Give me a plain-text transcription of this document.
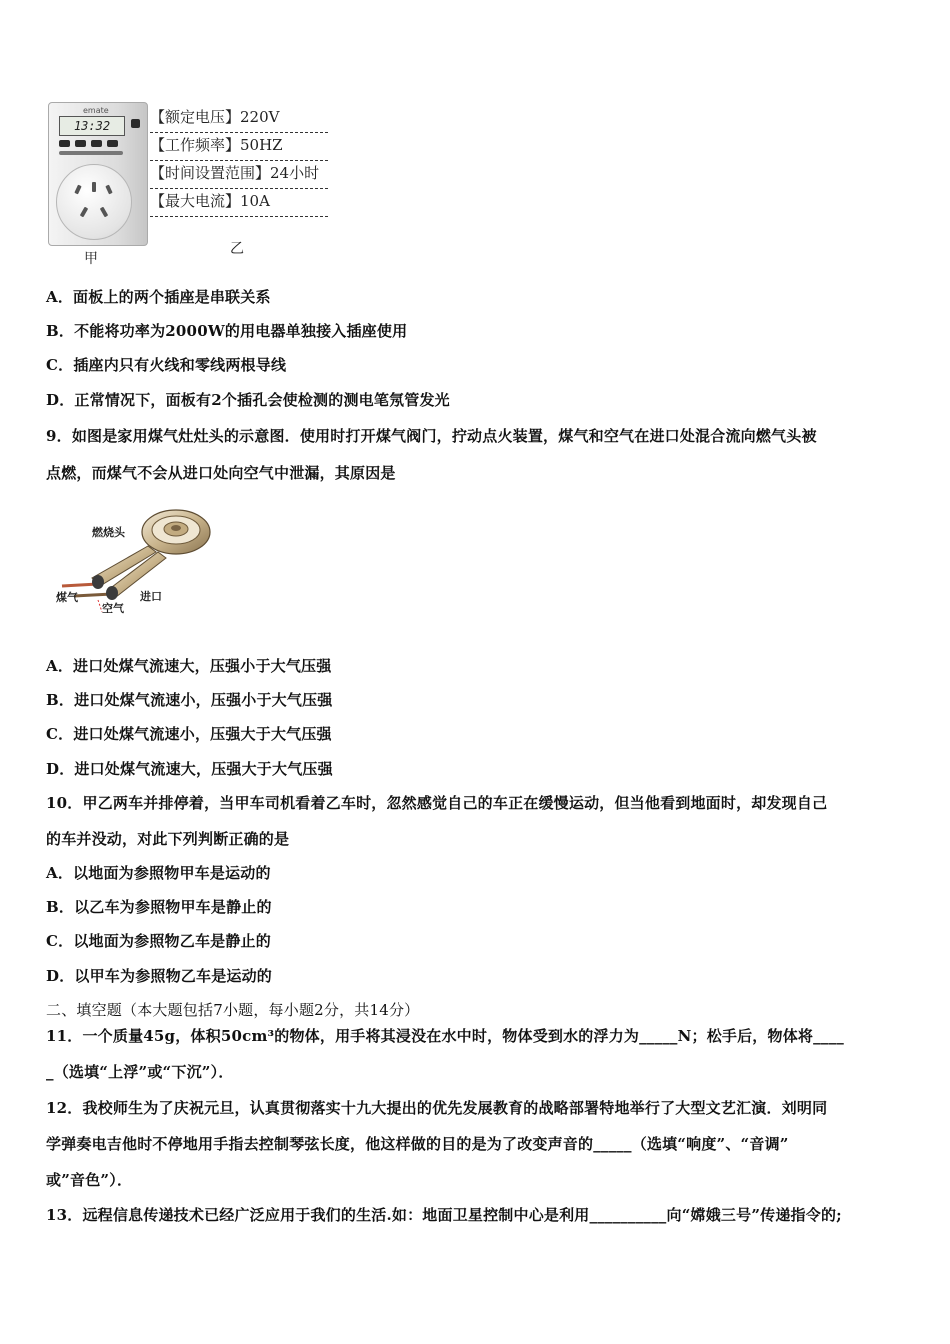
emate
13:32	【额定电压】220V
【工作频率】50HZ
【时间设置范围】24小时
【最大电流】10A
甲
乙
A．面板上的两个插座是串联关系
B．不能将功率为2000W的用电器单独接入插座使用
C．插座内只有火线和零线两根导线
D．正常情况下，面板有2个插孔会使检测的测电笔氖管发光
9．如图是家用煤气灶灶头的示意图．使用时打开煤气阀门，拧动点火装置，煤气和空气在进口处混合流向燃气头被
点燃，而煤气不会从进口处向空气中泄漏，其原因是
燃烧头
煤气
空气
进口
A．进口处煤气流速大，压强小于大气压强
B．进口处煤气流速小，压强小于大气压强
C．进口处煤气流速小，压强大于大气压强
D．进口处煤气流速大，压强大于大气压强
10．甲乙两车并排停着，当甲车司机看着乙车时，忽然感觉自己的车正在缓慢运动，但当他看到地面时，却发现自己
的车并没动，对此下列判断正确的是
A．以地面为参照物甲车是运动的
B．以乙车为参照物甲车是静止的
C．以地面为参照物乙车是静止的
D．以甲车为参照物乙车是运动的
二、填空题（本大题包括7小题，每小题2分，共14分）
11．一个质量45g，体积50cm³的物体，用手将其浸没在水中时，物体受到水的浮力为_____N；松手后，物体将____
_（选填“上浮”或“下沉”）．
12．我校师生为了庆祝元旦，认真贯彻落实十九大提出的优先发展教育的战略部署特地举行了大型文艺汇演．刘明同
学弹奏电吉他时不停地用手指去控制琴弦长度，他这样做的目的是为了改变声音的_____（选填“响度”、“音调”
或”音色”）．
13．远程信息传递技术已经广泛应用于我们的生活.如：地面卫星控制中心是利用__________向“嫦娥三号”传递指令的;
